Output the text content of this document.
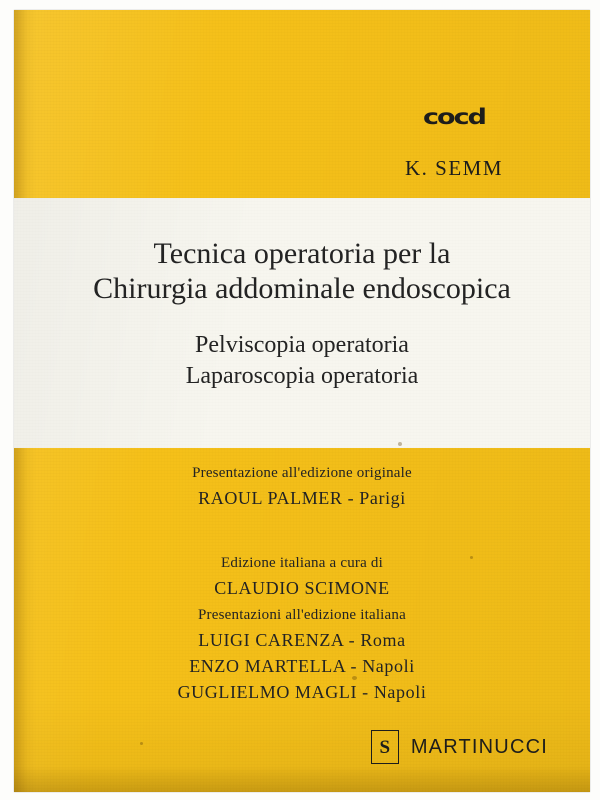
cocd
K. SEMM
Tecnica operatoria per la
Chirurgia addominale endoscopica
Pelviscopia operatoria
Laparoscopia operatoria
Presentazione all'edizione originale
RAOUL PALMER - Parigi
Edizione italiana a cura di
CLAUDIO SCIMONE
Presentazioni all'edizione italiana
LUIGI CARENZA - Roma
ENZO MARTELLA - Napoli
GUGLIELMO MAGLI - Napoli
S	MARTINUCCI
